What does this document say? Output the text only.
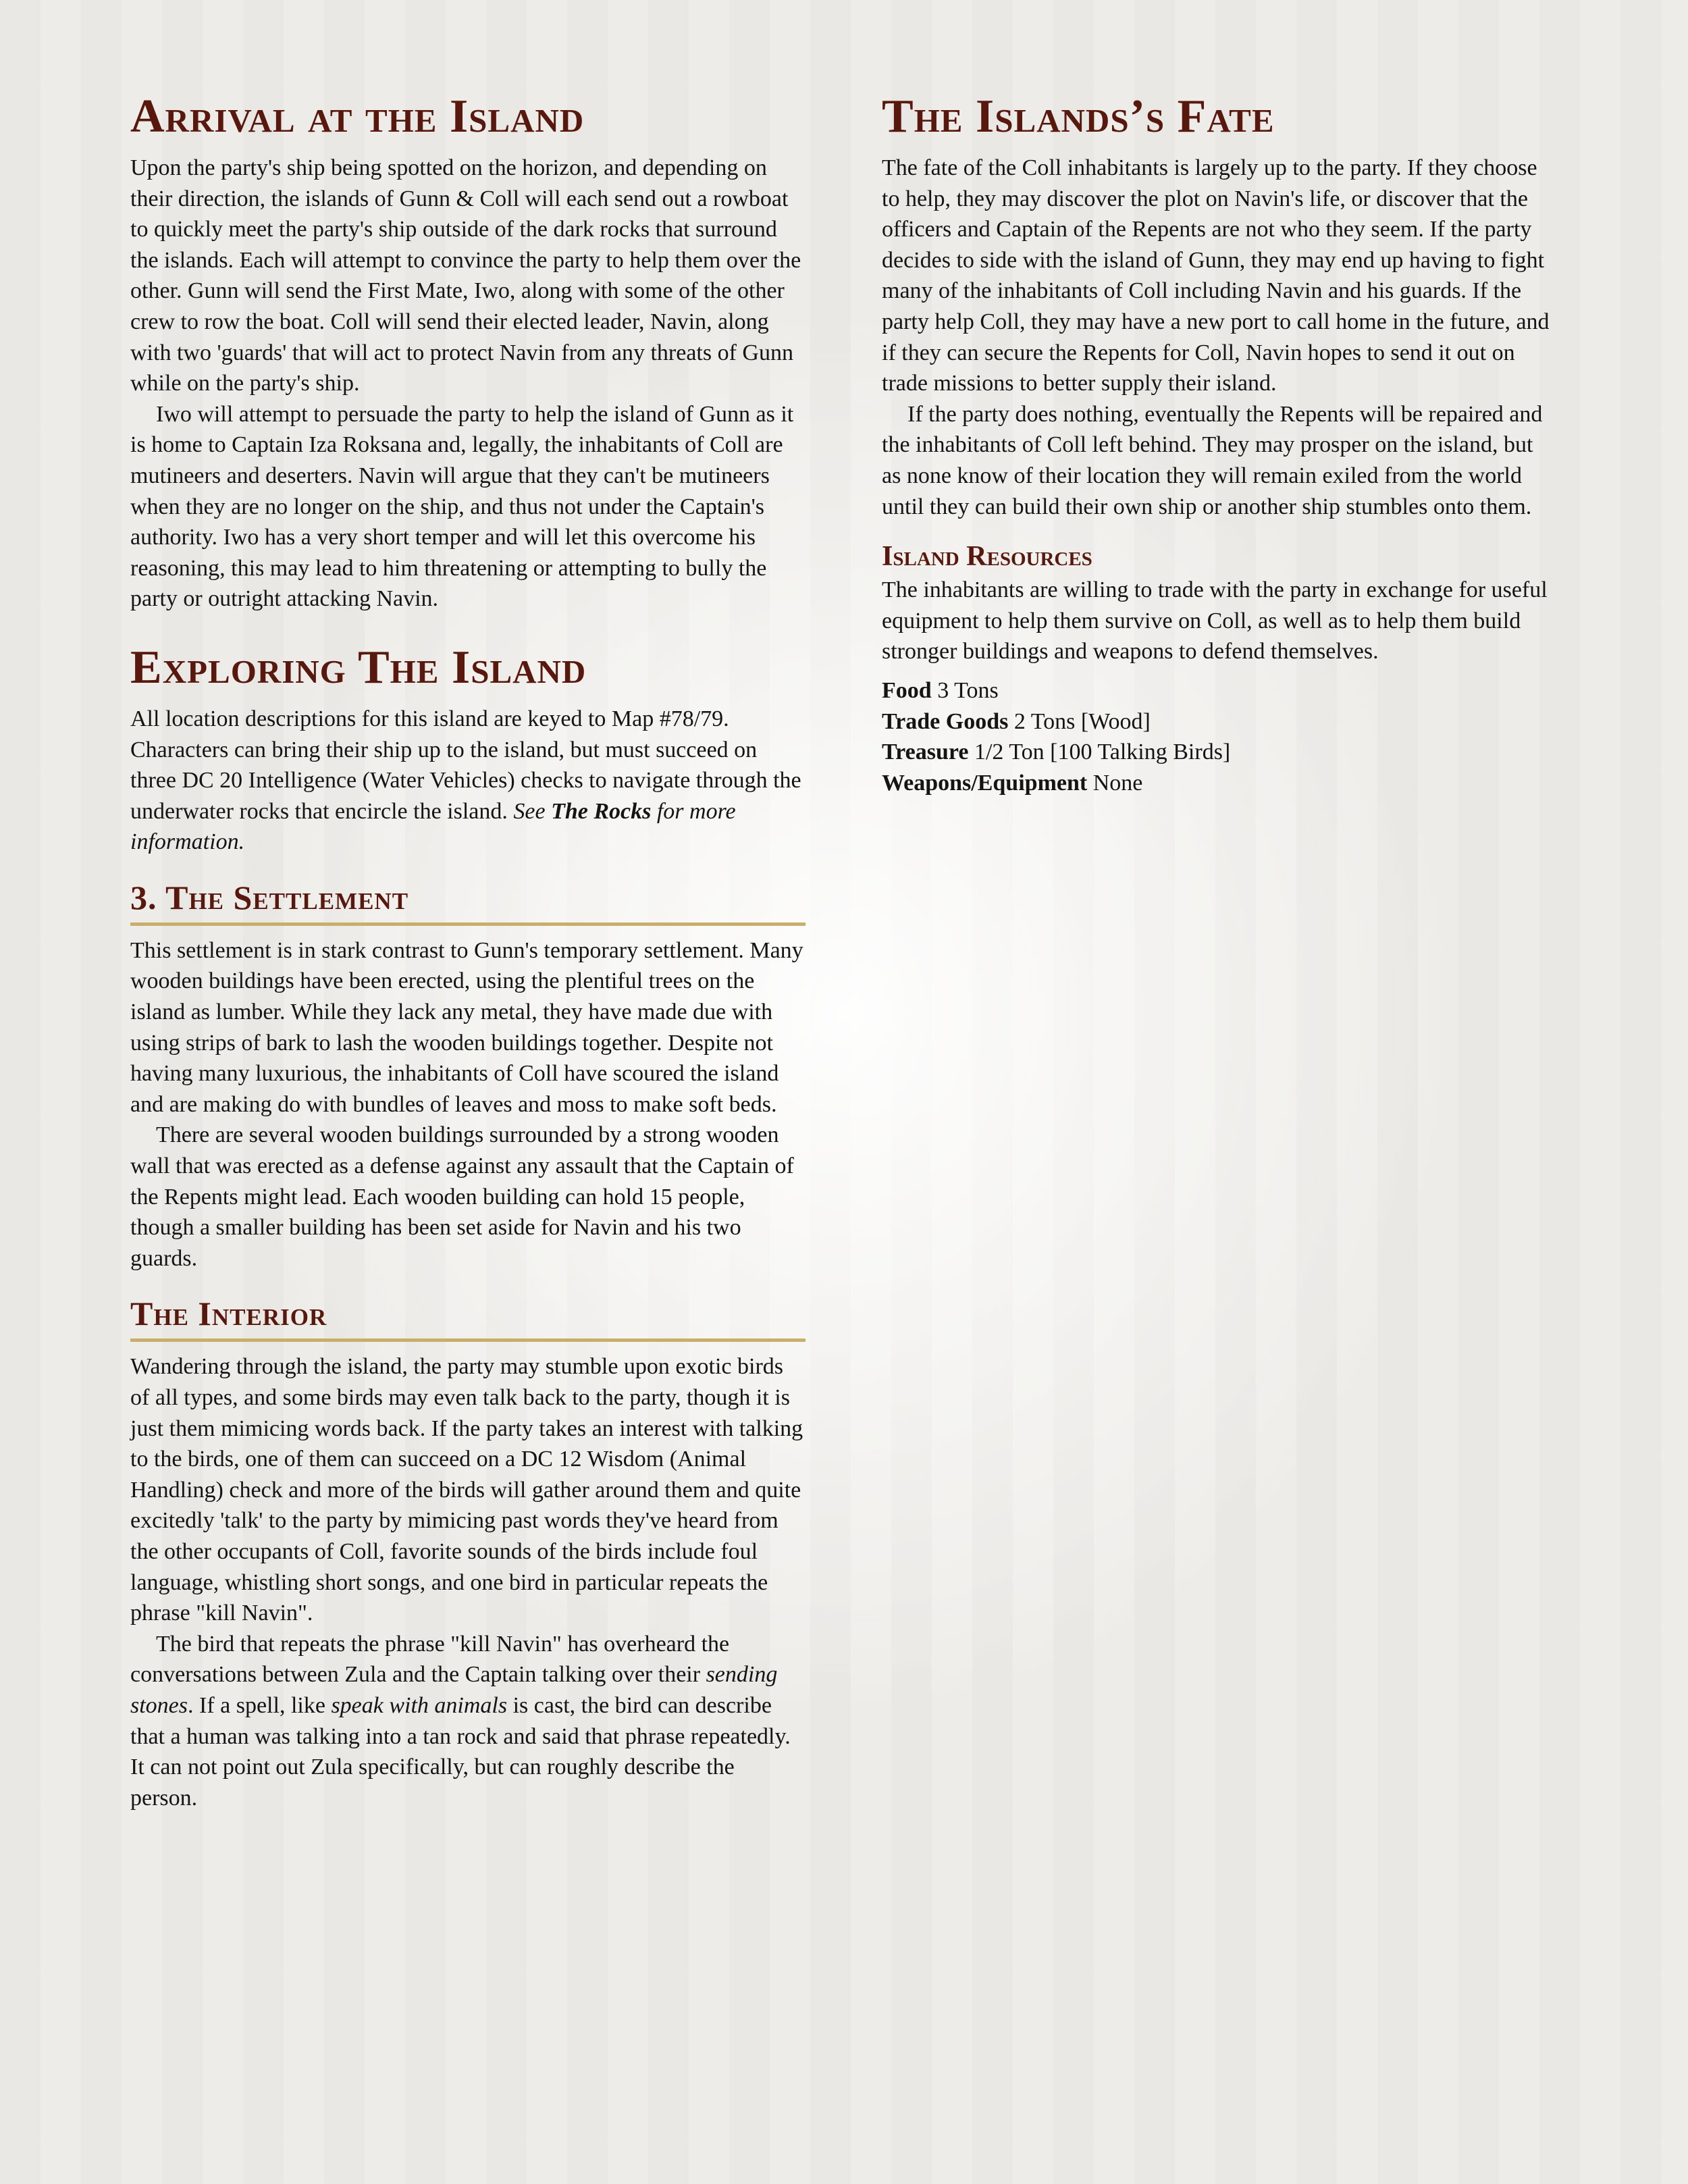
Arrival at the Island

Upon the party's ship being spotted on the horizon, and depending on their direction, the islands of Gunn & Coll will each send out a rowboat to quickly meet the party's ship outside of the dark rocks that surround the islands. Each will attempt to convince the party to help them over the other. Gunn will send the First Mate, Iwo, along with some of the other crew to row the boat. Coll will send their elected leader, Navin, along with two 'guards' that will act to protect Navin from any threats of Gunn while on the party's ship.

Iwo will attempt to persuade the party to help the island of Gunn as it is home to Captain Iza Roksana and, legally, the inhabitants of Coll are mutineers and deserters. Navin will argue that they can't be mutineers when they are no longer on the ship, and thus not under the Captain's authority. Iwo has a very short temper and will let this overcome his reasoning, this may lead to him threatening or attempting to bully the party or outright attacking Navin.

Exploring The Island

All location descriptions for this island are keyed to Map #78/79. Characters can bring their ship up to the island, but must succeed on three DC 20 Intelligence (Water Vehicles) checks to navigate through the underwater rocks that encircle the island. See The Rocks for more information.

3. The Settlement

This settlement is in stark contrast to Gunn's temporary settlement. Many wooden buildings have been erected, using the plentiful trees on the island as lumber. While they lack any metal, they have made due with using strips of bark to lash the wooden buildings together. Despite not having many luxurious, the inhabitants of Coll have scoured the island and are making do with bundles of leaves and moss to make soft beds.

There are several wooden buildings surrounded by a strong wooden wall that was erected as a defense against any assault that the Captain of the Repents might lead. Each wooden building can hold 15 people, though a smaller building has been set aside for Navin and his two guards.

The Interior

Wandering through the island, the party may stumble upon exotic birds of all types, and some birds may even talk back to the party, though it is just them mimicing words back. If the party takes an interest with talking to the birds, one of them can succeed on a DC 12 Wisdom (Animal Handling) check and more of the birds will gather around them and quite excitedly 'talk' to the party by mimicing past words they've heard from the other occupants of Coll, favorite sounds of the birds include foul language, whistling short songs, and one bird in particular repeats the phrase "kill Navin".

The bird that repeats the phrase "kill Navin" has overheard the conversations between Zula and the Captain talking over their sending stones. If a spell, like speak with animals is cast, the bird can describe that a human was talking into a tan rock and said that phrase repeatedly. It can not point out Zula specifically, but can roughly describe the person.

The Islands’s Fate

The fate of the Coll inhabitants is largely up to the party. If they choose to help, they may discover the plot on Navin's life, or discover that the officers and Captain of the Repents are not who they seem. If the party decides to side with the island of Gunn, they may end up having to fight many of the inhabitants of Coll including Navin and his guards. If the party help Coll, they may have a new port to call home in the future, and if they can secure the Repents for Coll, Navin hopes to send it out on trade missions to better supply their island.

If the party does nothing, eventually the Repents will be repaired and the inhabitants of Coll left behind. They may prosper on the island, but as none know of their location they will remain exiled from the world until they can build their own ship or another ship stumbles onto them.

Island Resources

The inhabitants are willing to trade with the party in exchange for useful equipment to help them survive on Coll, as well as to help them build stronger buildings and weapons to defend themselves.

Food 3 Tons

Trade Goods 2 Tons [Wood]

Treasure 1/2 Ton [100 Talking Birds]

Weapons/Equipment None
